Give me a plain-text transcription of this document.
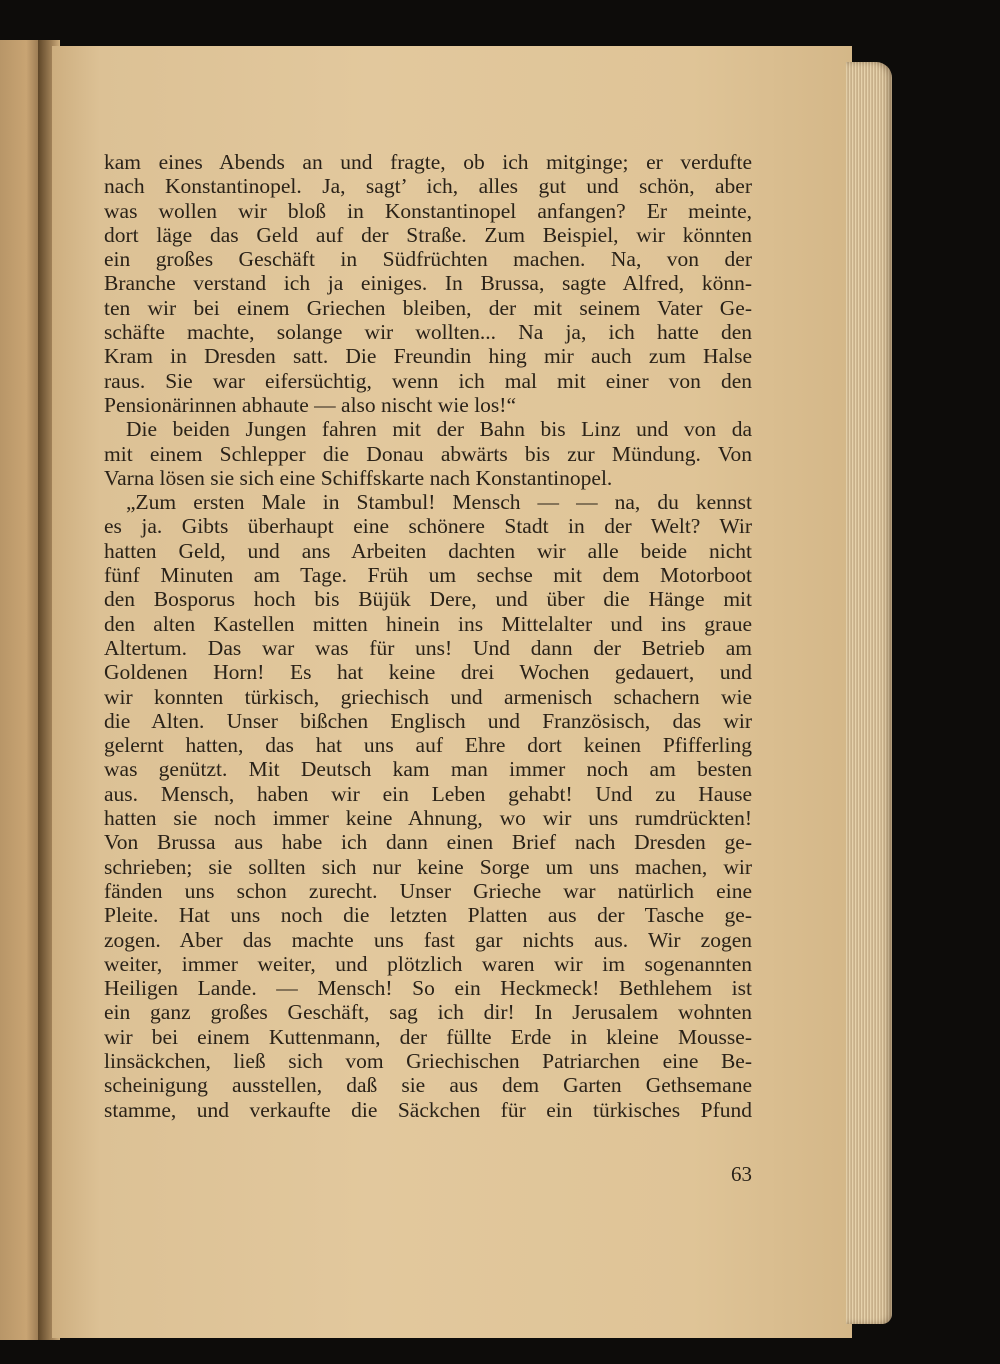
kam eines Abends an und fragte, ob ich mitginge; er verdufte
nach Konstantinopel. Ja, sagt’ ich, alles gut und schön, aber
was wollen wir bloß in Konstantinopel anfangen? Er meinte,
dort läge das Geld auf der Straße. Zum Beispiel, wir könnten
ein großes Geschäft in Südfrüchten machen. Na, von der
Branche verstand ich ja einiges. In Brussa, sagte Alfred, könn-
ten wir bei einem Griechen bleiben, der mit seinem Vater Ge-
schäfte machte, solange wir wollten... Na ja, ich hatte den
Kram in Dresden satt. Die Freundin hing mir auch zum Halse
raus. Sie war eifersüchtig, wenn ich mal mit einer von den
Pensionärinnen abhaute — also nischt wie los!“
Die beiden Jungen fahren mit der Bahn bis Linz und von da
mit einem Schlepper die Donau abwärts bis zur Mündung. Von
Varna lösen sie sich eine Schiffskarte nach Konstantinopel.
„Zum ersten Male in Stambul! Mensch — — na, du kennst
es ja. Gibts überhaupt eine schönere Stadt in der Welt? Wir
hatten Geld, und ans Arbeiten dachten wir alle beide nicht
fünf Minuten am Tage. Früh um sechse mit dem Motorboot
den Bosporus hoch bis Büjük Dere, und über die Hänge mit
den alten Kastellen mitten hinein ins Mittelalter und ins graue
Altertum. Das war was für uns! Und dann der Betrieb am
Goldenen Horn! Es hat keine drei Wochen gedauert, und
wir konnten türkisch, griechisch und armenisch schachern wie
die Alten. Unser bißchen Englisch und Französisch, das wir
gelernt hatten, das hat uns auf Ehre dort keinen Pfifferling
was genützt. Mit Deutsch kam man immer noch am besten
aus. Mensch, haben wir ein Leben gehabt! Und zu Hause
hatten sie noch immer keine Ahnung, wo wir uns rumdrückten!
Von Brussa aus habe ich dann einen Brief nach Dresden ge-
schrieben; sie sollten sich nur keine Sorge um uns machen, wir
fänden uns schon zurecht. Unser Grieche war natürlich eine
Pleite. Hat uns noch die letzten Platten aus der Tasche ge-
zogen. Aber das machte uns fast gar nichts aus. Wir zogen
weiter, immer weiter, und plötzlich waren wir im sogenannten
Heiligen Lande. — Mensch! So ein Heckmeck! Bethlehem ist
ein ganz großes Geschäft, sag ich dir! In Jerusalem wohnten
wir bei einem Kuttenmann, der füllte Erde in kleine Mousse-
linsäckchen, ließ sich vom Griechischen Patriarchen eine Be-
scheinigung ausstellen, daß sie aus dem Garten Gethsemane
stamme, und verkaufte die Säckchen für ein türkisches Pfund
63
